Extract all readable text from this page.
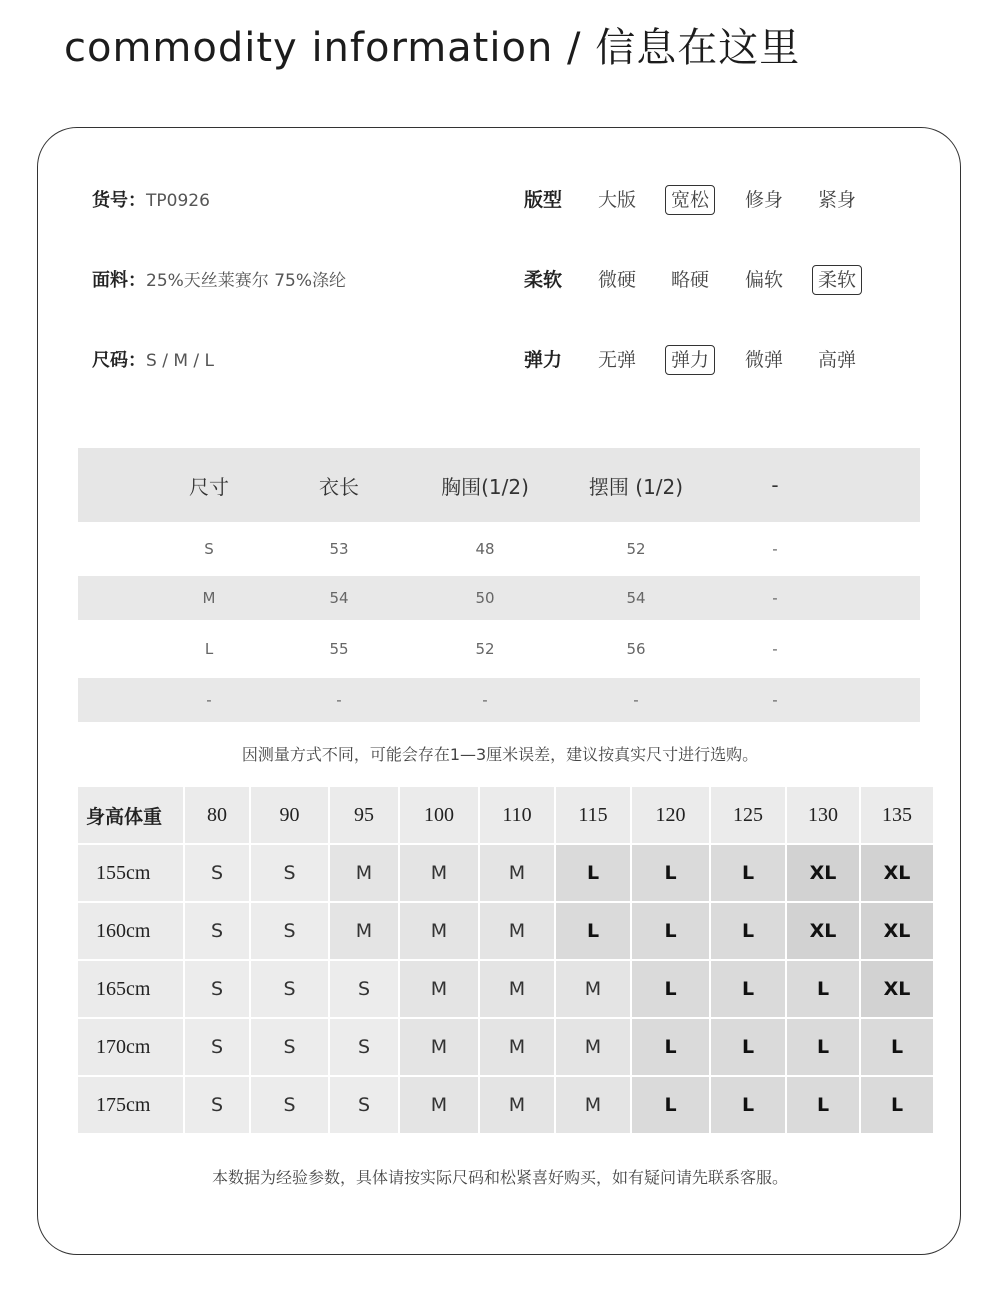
commodity information / 信息在这里
货号：TP0926
面料：25%天丝莱赛尔 75%涤纶
尺码：S / M / L
版型	大版	宽松	修身	紧身
柔软	微硬	略硬	偏软	柔软
弹力	无弹	弹力	微弹	高弹
尺寸	衣长	胸围(1/2)	摆围 (1/2)	-
S	53	48	52	-
M	54	50	54	-
L	55	52	56	-
-	-	-	-	-
因测量方式不同，可能会存在1—3厘米误差，建议按真实尺寸进行选购。
身高体重	80	90	95	100	110	115	120	125	130	135
155cm	S	S	M	M	M	L	L	L	XL	XL
160cm	S	S	M	M	M	L	L	L	XL	XL
165cm	S	S	S	M	M	M	L	L	L	XL
170cm	S	S	S	M	M	M	L	L	L	L
175cm	S	S	S	M	M	M	L	L	L	L
本数据为经验参数，具体请按实际尺码和松紧喜好购买，如有疑问请先联系客服。
